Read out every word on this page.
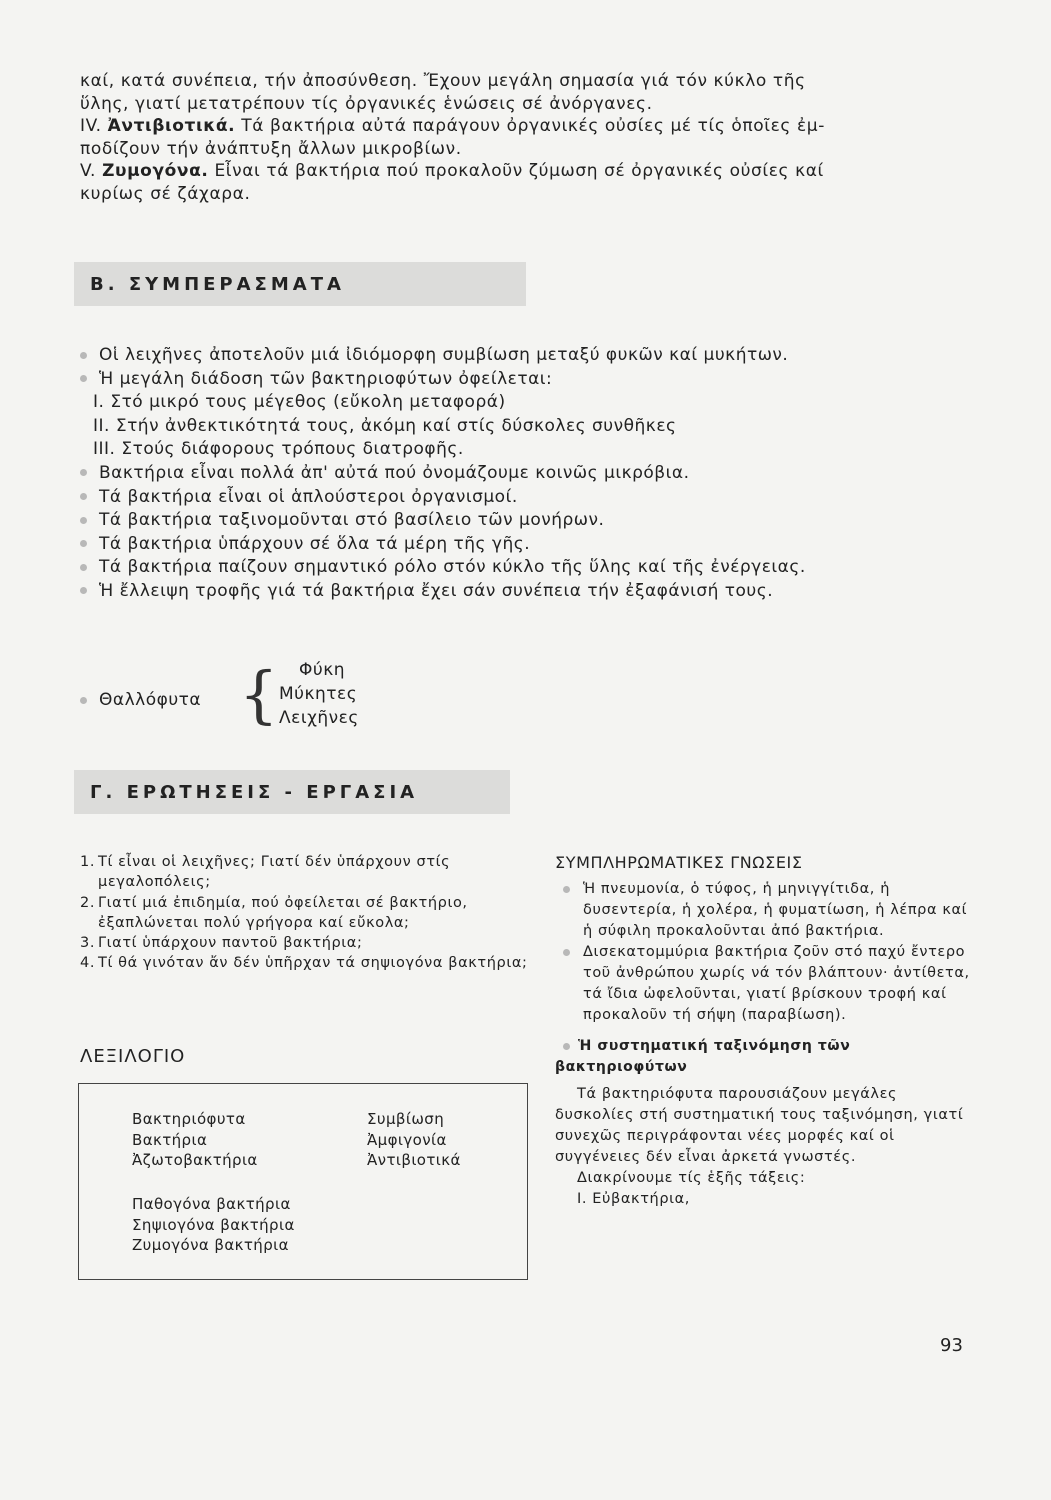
καί, κατά συνέπεια, τήν ἀποσύνθεση. Ἔχουν μεγάλη σημασία γιά τόν κύκλο τῆς

ὕλης, γιατί μετατρέπουν τίς ὀργανικές ἑνώσεις σέ ἀνόργανες.

IV. Ἀντιβιοτικά. Τά βακτήρια αὐτά παράγουν ὀργανικές οὐσίες μέ τίς ὁποῖες ἐμ-

ποδίζουν τήν ἀνάπτυξη ἄλλων μικροβίων.

V. Ζυμογόνα. Εἶναι τά βακτήρια πού προκαλοῦν ζύμωση σέ ὀργανικές οὐσίες καί

κυρίως σέ ζάχαρα.

Β. ΣΥΜΠΕΡΑΣΜΑΤΑ
Οἱ λειχῆνες ἀποτελοῦν μιά ἰδιόμορφη συμβίωση μεταξύ φυκῶν καί μυκήτων.
Ἡ μεγάλη διάδοση τῶν βακτηριοφύτων ὀφείλεται:
I. Στό μικρό τους μέγεθος (εὔκολη μεταφορά)
II. Στήν ἀνθεκτικότητά τους, ἀκόμη καί στίς δύσκολες συνθῆκες
III. Στούς διάφορους τρόπους διατροφῆς.
Βακτήρια εἶναι πολλά ἀπ' αὐτά πού ὀνομάζουμε κοινῶς μικρόβια.
Τά βακτήρια εἶναι οἱ ἁπλούστεροι ὀργανισμοί.
Τά βακτήρια ταξινομοῦνται στό βασίλειο τῶν μονήρων.
Τά βακτήρια ὑπάρχουν σέ ὅλα τά μέρη τῆς γῆς.
Τά βακτήρια παίζουν σημαντικό ρόλο στόν κύκλο τῆς ὕλης καί τῆς ἐνέργειας.
Ἡ ἔλλειψη τροφῆς γιά τά βακτήρια ἔχει σάν συνέπεια τήν ἐξαφάνισή τους.
Θαλλόφυτα {	Φύκη
Μύκητες
Λειχῆνες
Γ. ΕΡΩΤΗΣΕΙΣ - ΕΡΓΑΣΙΑ
1. Τί εἶναι οἱ λειχῆνες; Γιατί δέν ὑπάρχουν στίς μεγαλοπόλεις;
2. Γιατί μιά ἐπιδημία, πού ὀφείλεται σέ βακτήριο, ἐξαπλώνεται πολύ γρήγορα καί εὔκολα;
3. Γιατί ὑπάρχουν παντοῦ βακτήρια;
4. Τί θά γινόταν ἄν δέν ὑπῆρχαν τά σηψιογόνα βακτήρια;
ΛΕΞΙΛΟΓΙΟ
Βακτηριόφυτα
Βακτήρια
Ἀζωτοβακτήρια
Παθογόνα βακτήρια
Σηψιογόνα βακτήρια
Ζυμογόνα βακτήρια
Συμβίωση
Ἀμφιγονία
Ἀντιβιοτικά
ΣΥΜΠΛΗΡΩΜΑΤΙΚΕΣ ΓΝΩΣΕΙΣ
Ἡ πνευμονία, ὁ τύφος, ἡ μηνιγγίτιδα, ἡ δυσεντερία, ἡ χολέρα, ἡ φυματίωση, ἡ λέπρα καί ἡ σύφιλη προκαλοῦνται ἀπό βακτήρια.
Δισεκατομμύρια βακτήρια ζοῦν στό παχύ ἔντερο τοῦ ἀνθρώπου χωρίς νά τόν βλάπτουν· ἀντίθετα, τά ἴδια ὠφελοῦνται, γιατί βρίσκουν τροφή καί προκαλοῦν τή σήψη (παραβίωση).
Ἡ συστηματική ταξινόμηση τῶν βακτηριοφύτων
Τά βακτηριόφυτα παρουσιάζουν μεγάλες δυσκολίες στή συστηματική τους ταξινόμηση, γιατί συνεχῶς περιγράφονται νέες μορφές καί οἱ συγγένειες δέν εἶναι ἀρκετά γνωστές.
Διακρίνουμε τίς ἑξῆς τάξεις:
I. Εὐβακτήρια,
93
